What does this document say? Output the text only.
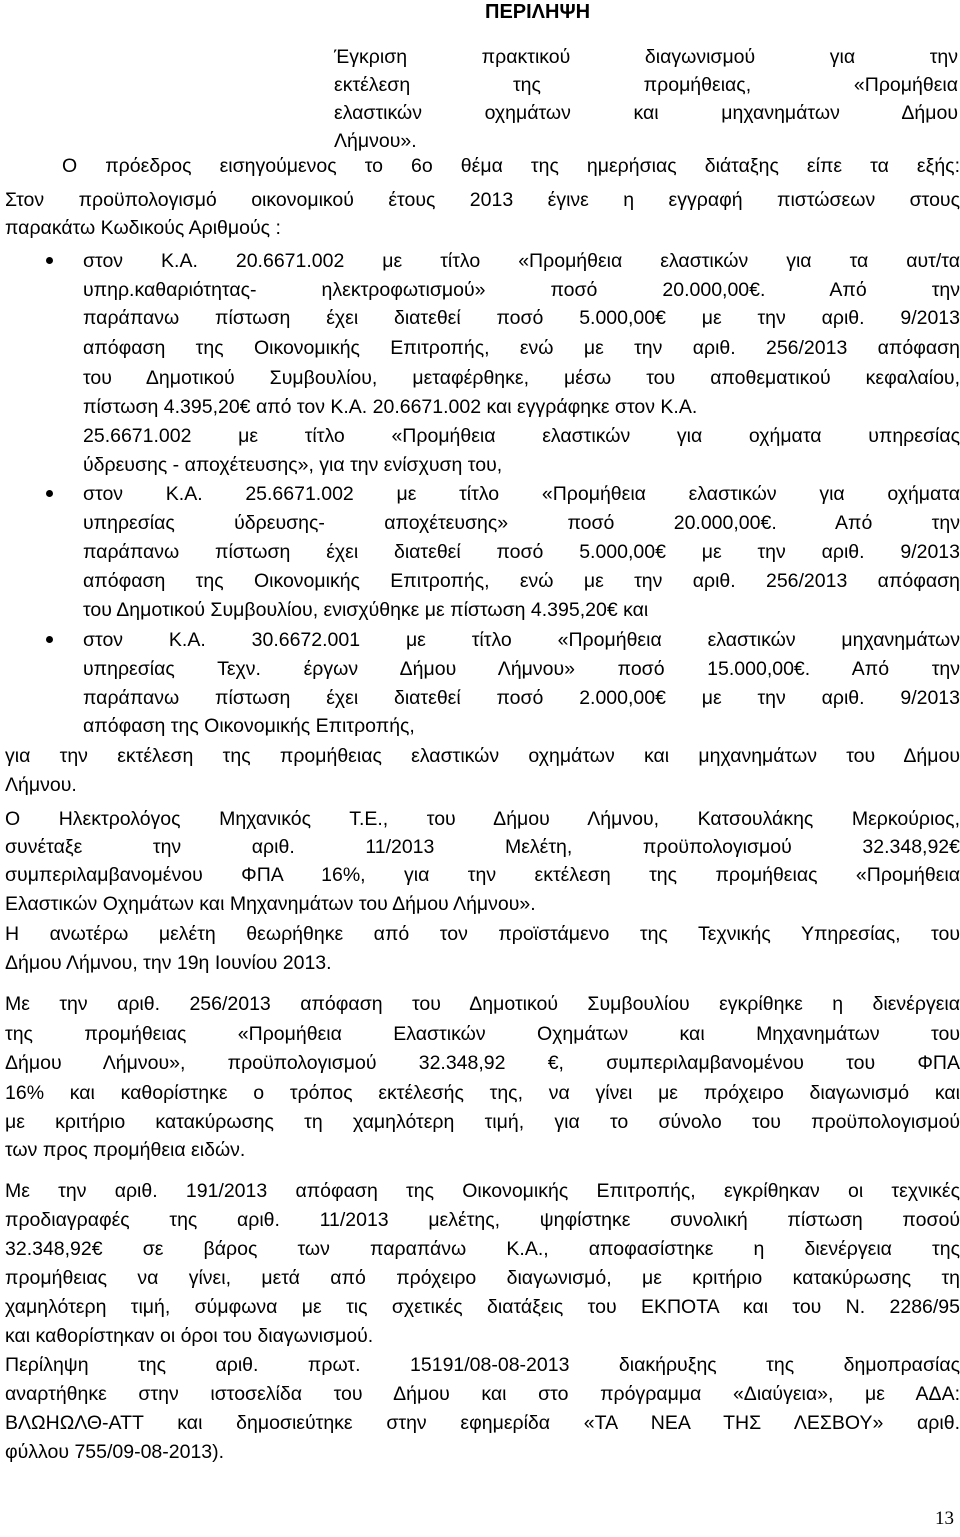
ΠΕΡΙΛΗΨΗ
Έγκριση πρακτικού διαγωνισμού για την
εκτέλεση της προμήθειας, «Προμήθεια
ελαστικών οχημάτων και μηχανημάτων Δήμου
Λήμνου».
Ο πρόεδρος εισηγούμενος το 6ο θέμα της ημερήσιας διάταξης είπε τα εξής:
Στον προϋπολογισμό οικονομικού έτους 2013 έγινε η εγγραφή πιστώσεων στους
παρακάτω Κωδικούς Αριθμούς :
στον Κ.Α. 20.6671.002 με τίτλο «Προμήθεια ελαστικών για τα αυτ/τα
υπηρ.καθαριότητας- ηλεκτροφωτισμού» ποσό 20.000,00€. Από την
παράπανω πίστωση έχει διατεθεί ποσό 5.000,00€ με την αριθ. 9/2013
απόφαση της Οικονομικής Επιτροπής, ενώ με την αριθ. 256/2013 απόφαση
του Δημοτικού Συμβουλίου, μεταφέρθηκε, μέσω του αποθεματικού κεφαλαίου,
πίστωση 4.395,20€ από τον Κ.Α. 20.6671.002 και εγγράφηκε στον Κ.Α.
25.6671.002 με τίτλο «Προμήθεια ελαστικών για οχήματα υπηρεσίας
ύδρευσης - αποχέτευσης», για την ενίσχυση του,
στον Κ.Α. 25.6671.002 με τίτλο «Προμήθεια ελαστικών για οχήματα
υπηρεσίας ύδρευσης- αποχέτευσης» ποσό 20.000,00€. Από την
παράπανω πίστωση έχει διατεθεί ποσό 5.000,00€ με την αριθ. 9/2013
απόφαση της Οικονομικής Επιτροπής, ενώ με την αριθ. 256/2013 απόφαση
του Δημοτικού Συμβουλίου, ενισχύθηκε με πίστωση 4.395,20€ και
στον Κ.Α. 30.6672.001 με τίτλο «Προμήθεια ελαστικών μηχανημάτων
υπηρεσίας Τεχν. έργων Δήμου Λήμνου» ποσό 15.000,00€. Από την
παράπανω πίστωση έχει διατεθεί ποσό 2.000,00€ με την αριθ. 9/2013
απόφαση της Οικονομικής Επιτροπής,
για την εκτέλεση της προμήθειας ελαστικών οχημάτων και μηχανημάτων του Δήμου
Λήμνου.
Ο Ηλεκτρολόγος Μηχανικός Τ.Ε., του Δήμου Λήμνου, Κατσουλάκης Μερκούριος,
συνέταξε την αριθ. 11/2013 Μελέτη, προϋπολογισμού 32.348,92€
συμπεριλαμβανομένου ΦΠΑ 16%, για την εκτέλεση της προμήθειας «Προμήθεια
Ελαστικών Οχημάτων και Μηχανημάτων του Δήμου Λήμνου».
Η ανωτέρω μελέτη θεωρήθηκε από τον προϊστάμενο της Τεχνικής Υπηρεσίας, του
Δήμου Λήμνου, την 19η Ιουνίου 2013.
Με την αριθ. 256/2013 απόφαση του Δημοτικού Συμβουλίου εγκρίθηκε η διενέργεια
της προμήθειας «Προμήθεια Ελαστικών Οχημάτων και Μηχανημάτων του
Δήμου Λήμνου», προϋπολογισμού 32.348,92 €, συμπεριλαμβανομένου του ΦΠΑ
16% και καθορίστηκε ο τρόπος εκτέλεσής της, να γίνει με πρόχειρο διαγωνισμό και
με κριτήριο κατακύρωσης τη χαμηλότερη τιμή, για το σύνολο του προϋπολογισμού
των προς προμήθεια ειδών.
Με την αριθ. 191/2013 απόφαση της Οικονομικής Επιτροπής, εγκρίθηκαν οι τεχνικές
προδιαγραφές της αριθ. 11/2013 μελέτης, ψηφίστηκε συνολική πίστωση ποσού
32.348,92€ σε βάρος των παραπάνω Κ.Α., αποφασίστηκε η διενέργεια της
προμήθειας να γίνει, μετά από πρόχειρο διαγωνισμό, με κριτήριο κατακύρωσης τη
χαμηλότερη τιμή, σύμφωνα με τις σχετικές διατάξεις του ΕΚΠΟΤΑ και του Ν. 2286/95
και καθορίστηκαν οι όροι του διαγωνισμού.
Περίληψη της αριθ. πρωτ. 15191/08-08-2013 διακήρυξης της δημοπρασίας
αναρτήθηκε στην ιστοσελίδα του Δήμου και στο πρόγραμμα «Διαύγεια», με ΑΔΑ:
ΒΛΩΗΩΛΘ-ΑΤΤ και δημοσιεύτηκε στην εφημερίδα «ΤΑ ΝΕΑ ΤΗΣ ΛΕΣΒΟΥ» αριθ.
φύλλου 755/09-08-2013).
13
